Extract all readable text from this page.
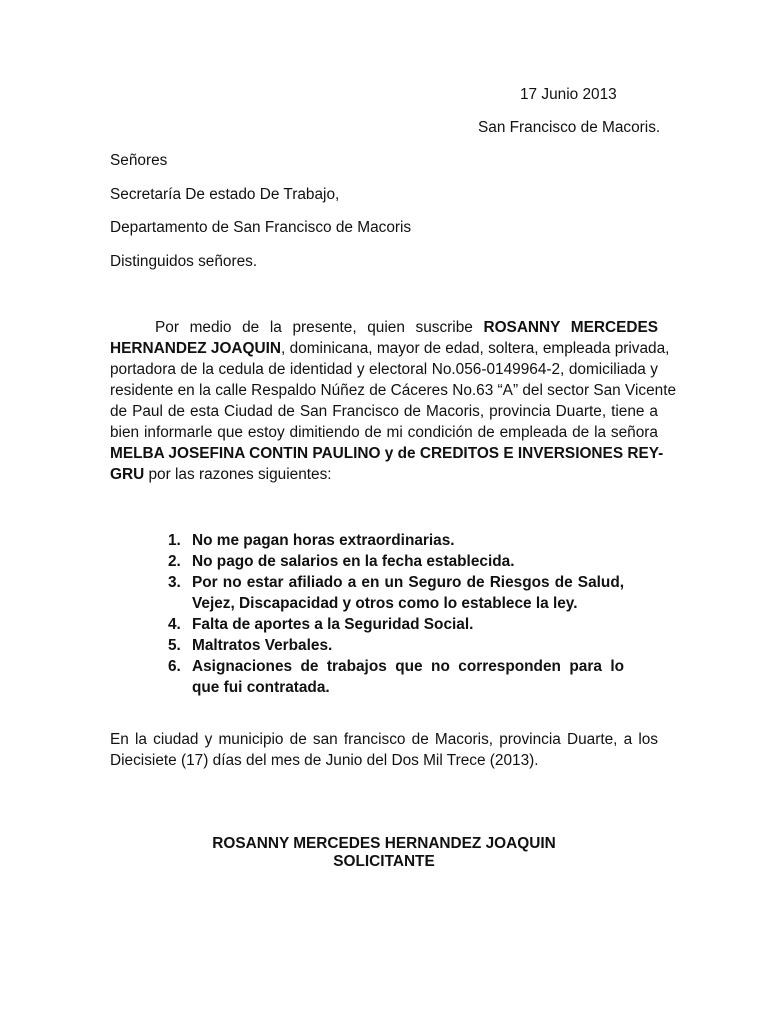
17 Junio 2013
San Francisco de Macoris.
Señores
Secretaría De estado De Trabajo,
Departamento de San Francisco de Macoris
Distinguidos señores.
Por medio de la presente, quien suscribe ROSANNY MERCEDES
HERNANDEZ JOAQUIN, dominicana, mayor de edad, soltera, empleada privada,
portadora de la cedula de identidad y electoral No.056-0149964-2, domiciliada y
residente en la calle Respaldo Núñez de Cáceres No.63 “A” del sector San Vicente
de Paul de esta Ciudad de San Francisco de Macoris, provincia Duarte, tiene a
bien informarle que estoy dimitiendo de mi condición de empleada de la señora
MELBA JOSEFINA CONTIN PAULINO y de CREDITOS E INVERSIONES REY-
GRU por las razones siguientes:
1. No me pagan horas extraordinarias.
2. No pago de salarios en la fecha establecida.
3. Por no estar afiliado a en un Seguro de Riesgos de Salud, Vejez, Discapacidad y otros como lo establece la ley.
4. Falta de aportes a la Seguridad Social.
5. Maltratos Verbales.
6. Asignaciones de trabajos que no corresponden para lo que fui contratada.
En la ciudad y municipio de san francisco de Macoris, provincia Duarte, a los
Diecisiete (17) días del mes de Junio del Dos Mil Trece (2013).
ROSANNY MERCEDES HERNANDEZ JOAQUIN
SOLICITANTE
